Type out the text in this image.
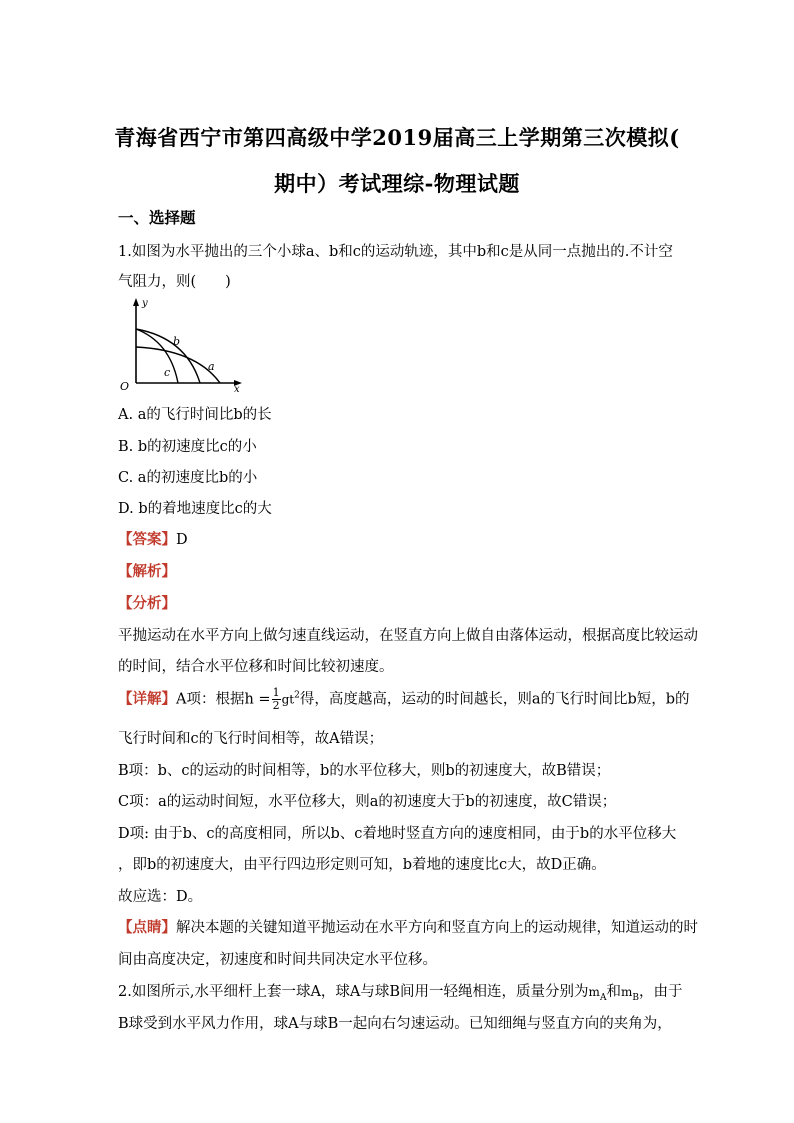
青海省西宁市第四高级中学2019届高三上学期第三次模拟(
期中）考试理综-物理试题
一、选择题
1.如图为水平抛出的三个小球a、b和c的运动轨迹，其中b和c是从同一点抛出的.不计空
气阻力，则(　　)
y
O	x
a
b
c
A. a的飞行时间比b的长
B. b的初速度比c的小
C. a的初速度比b的小
D. b的着地速度比c的大
【答案】D
【解析】
【分析】
平抛运动在水平方向上做匀速直线运动，在竖直方向上做自由落体运动，根据高度比较运动
的时间，结合水平位移和时间比较初速度。
【详解】A项：根据$h = \frac{1}{2} gt^2$得，高度越高，运动的时间越长，则a的飞行时间比b短，b的
飞行时间和c的飞行时间相等，故A错误；
B项：b、c的运动的时间相等，b的水平位移大，则b的初速度大，故B错误；
C项：a的运动时间短，水平位移大，则a的初速度大于b的初速度，故C错误；
D项: 由于b、c的高度相同，所以b、c着地时竖直方向的速度相同，由于b的水平位移大
，即b的初速度大，由平行四边形定则可知，b着地的速度比c大，故D正确。
故应选：D。
【点睛】解决本题的关键知道平抛运动在水平方向和竖直方向上的运动规律，知道运动的时
间由高度决定，初速度和时间共同决定水平位移。
2.如图所示,水平细杆上套一球A，球A与球B间用一轻绳相连，质量分别为$m_A$和$m_B$，由于
B球受到水平风力作用，球A与球B一起向右匀速运动。已知细绳与竖直方向的夹角为，
